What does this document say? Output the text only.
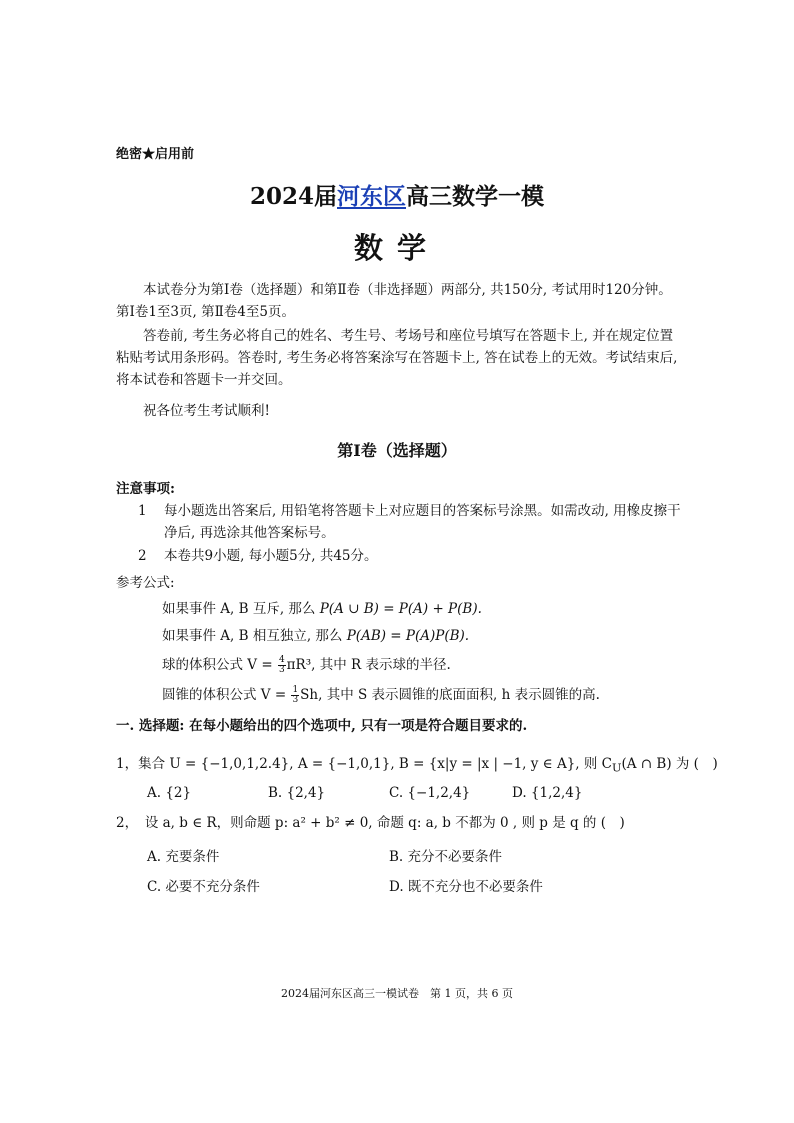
绝密★启用前
2024届河东区高三数学一模
数学
本试卷分为第Ⅰ卷（选择题）和第Ⅱ卷（非选择题）两部分, 共150分, 考试用时120分钟。第Ⅰ卷1至3页, 第Ⅱ卷4至5页。
答卷前, 考生务必将自己的姓名、考生号、考场号和座位号填写在答题卡上, 并在规定位置粘贴考试用条形码。答卷时, 考生务必将答案涂写在答题卡上, 答在试卷上的无效。考试结束后, 将本试卷和答题卡一并交回。
祝各位考生考试顺利!
第Ⅰ卷（选择题）
注意事项:
1 每小题选出答案后, 用铅笔将答题卡上对应题目的答案标号涂黑。如需改动, 用橡皮擦干净后, 再选涂其他答案标号。
2 本卷共9小题, 每小题5分, 共45分。
参考公式:
如果事件 A, B 互斥, 那么 P(A ∪ B) = P(A) + P(B).
如果事件 A, B 相互独立, 那么 P(AB) = P(A)P(B).
球的体积公式 $V = \frac{4}{3} \pi R^3$, 其中 R 表示球的半径.
圆锥的体积公式 $V = \frac{1}{3} Sh$, 其中 S 表示圆锥的底面面积, h 表示圆锥的高.
一. 选择题: 在每小题给出的四个选项中, 只有一项是符合题目要求的.
1，集合 U = {−1,0,1,2.4}, A = {−1,0,1}, B = {x|y = |x | −1, y ∈ A}, 则 $C_U(A$ ∩ B) 为 (　)
A. {2}	B. {2,4}	C. {−1,2,4}	D. {1,2,4}
2，　设 a, b ∈ R，则命题 p: a² + b² ≠ 0, 命题 q: a, b 不都为 0 , 则 p 是 q 的 (　)
A. 充要条件	B. 充分不必要条件
C. 必要不充分条件	D. 既不充分也不必要条件
2024届河东区高三一模试卷　第 1 页，共 6 页
